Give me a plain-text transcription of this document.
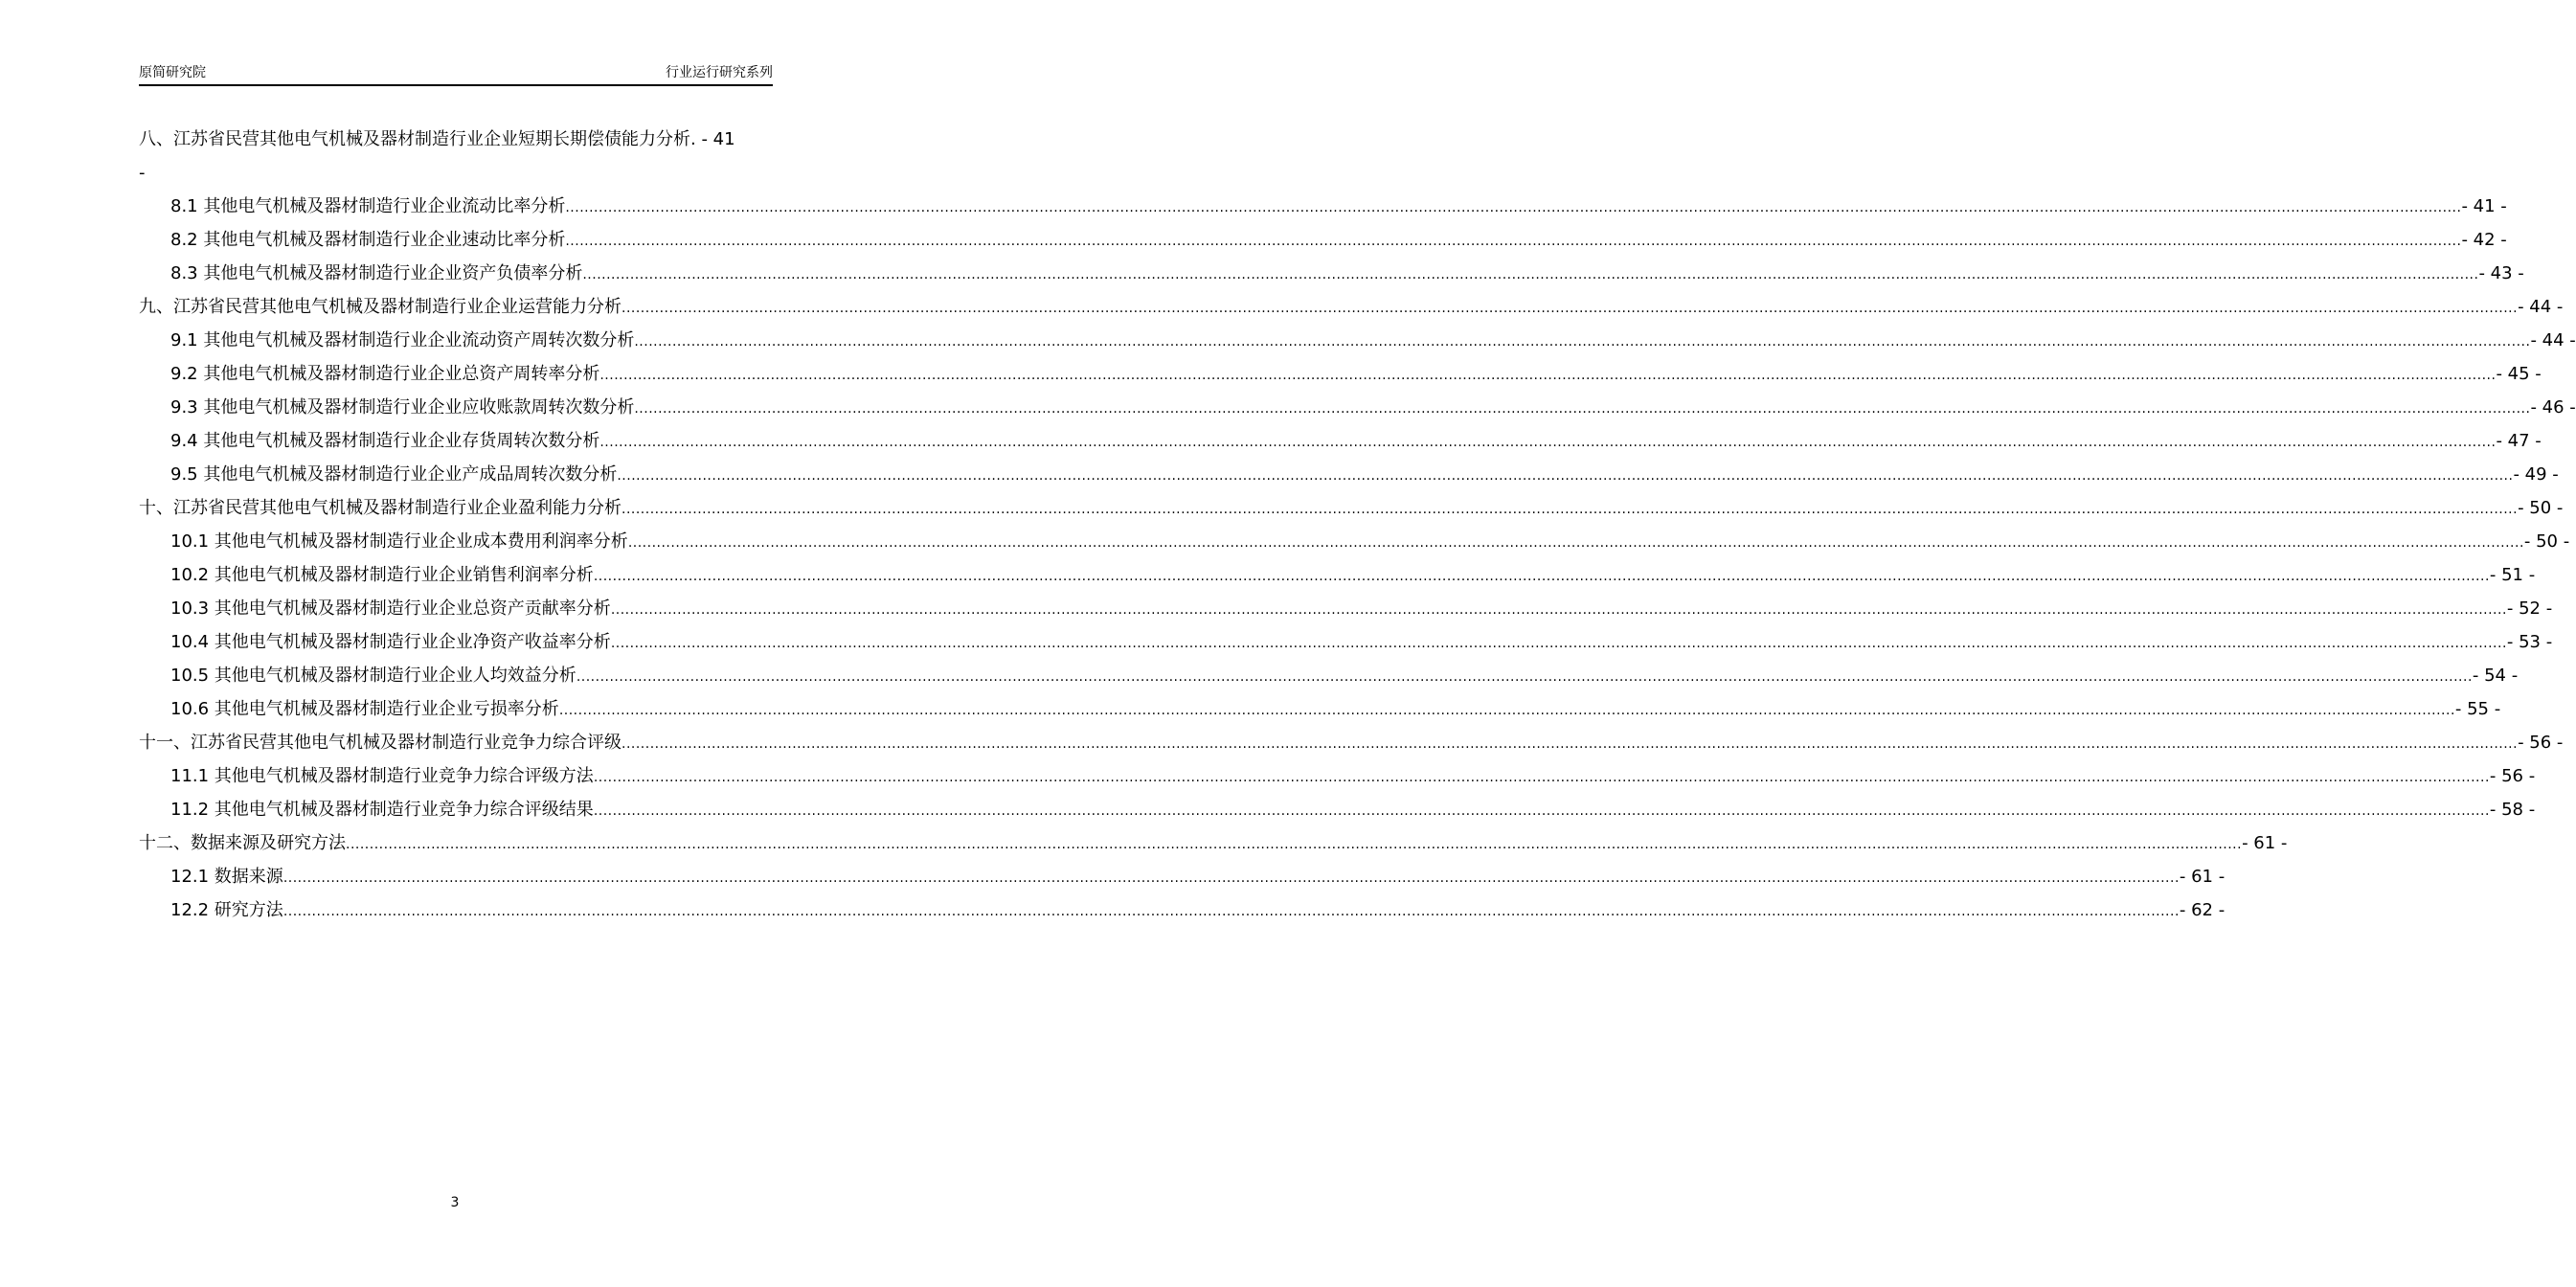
原简研究院	行业运行研究系列
八、江苏省民营其他电气机械及器材制造行业企业短期长期偿债能力分析. - 41
-
8.1 其他电气机械及器材制造行业企业流动比率分析 ................................................................................................................................................................................................................................................................................................................................................................................................................ - 41 -
8.2 其他电气机械及器材制造行业企业速动比率分析 ................................................................................................................................................................................................................................................................................................................................................................................................................ - 42 -
8.3 其他电气机械及器材制造行业企业资产负债率分析 ................................................................................................................................................................................................................................................................................................................................................................................................................ - 43 -
九、江苏省民营其他电气机械及器材制造行业企业运营能力分析 ................................................................................................................................................................................................................................................................................................................................................................................................................ - 44 -
9.1 其他电气机械及器材制造行业企业流动资产周转次数分析 ................................................................................................................................................................................................................................................................................................................................................................................................................ - 44 -
9.2 其他电气机械及器材制造行业企业总资产周转率分析 ................................................................................................................................................................................................................................................................................................................................................................................................................ - 45 -
9.3 其他电气机械及器材制造行业企业应收账款周转次数分析 ................................................................................................................................................................................................................................................................................................................................................................................................................ - 46 -
9.4 其他电气机械及器材制造行业企业存货周转次数分析 ................................................................................................................................................................................................................................................................................................................................................................................................................ - 47 -
9.5 其他电气机械及器材制造行业企业产成品周转次数分析 ................................................................................................................................................................................................................................................................................................................................................................................................................ - 49 -
十、江苏省民营其他电气机械及器材制造行业企业盈利能力分析 ................................................................................................................................................................................................................................................................................................................................................................................................................ - 50 -
10.1 其他电气机械及器材制造行业企业成本费用利润率分析 ................................................................................................................................................................................................................................................................................................................................................................................................................ - 50 -
10.2 其他电气机械及器材制造行业企业销售利润率分析 ................................................................................................................................................................................................................................................................................................................................................................................................................ - 51 -
10.3 其他电气机械及器材制造行业企业总资产贡献率分析 ................................................................................................................................................................................................................................................................................................................................................................................................................ - 52 -
10.4 其他电气机械及器材制造行业企业净资产收益率分析 ................................................................................................................................................................................................................................................................................................................................................................................................................ - 53 -
10.5 其他电气机械及器材制造行业企业人均效益分析 ................................................................................................................................................................................................................................................................................................................................................................................................................ - 54 -
10.6 其他电气机械及器材制造行业企业亏损率分析 ................................................................................................................................................................................................................................................................................................................................................................................................................ - 55 -
十一、江苏省民营其他电气机械及器材制造行业竞争力综合评级 ................................................................................................................................................................................................................................................................................................................................................................................................................ - 56 -
11.1 其他电气机械及器材制造行业竞争力综合评级方法 ................................................................................................................................................................................................................................................................................................................................................................................................................ - 56 -
11.2 其他电气机械及器材制造行业竞争力综合评级结果 ................................................................................................................................................................................................................................................................................................................................................................................................................ - 58 -
十二、数据来源及研究方法 ................................................................................................................................................................................................................................................................................................................................................................................................................ - 61 -
12.1 数据来源 ................................................................................................................................................................................................................................................................................................................................................................................................................ - 61 -
12.2 研究方法 ................................................................................................................................................................................................................................................................................................................................................................................................................ - 62 -
3
